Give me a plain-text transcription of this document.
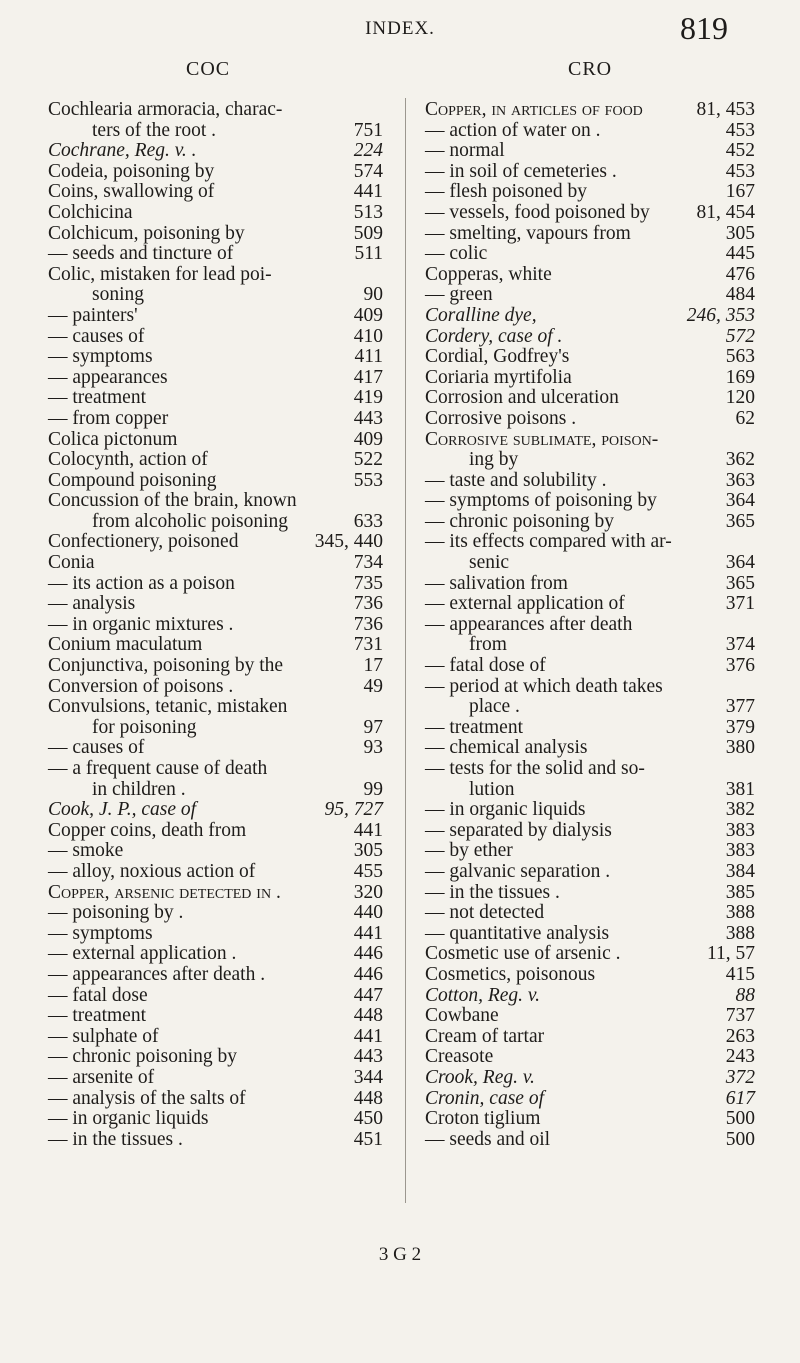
INDEX.	819
COC	CRO
Cochlearia armoracia, charac-
ters of the root .	751
Cochrane, Reg. v. .	224
Codeia, poisoning by	574
Coins, swallowing of	441
Colchicina	513
Colchicum, poisoning by	509
— seeds and tincture of	511
Colic, mistaken for lead poi-
soning	90
— painters'	409
— causes of	410
— symptoms	411
— appearances	417
— treatment	419
— from copper	443
Colica pictonum	409
Colocynth, action of	522
Compound poisoning	553
Concussion of the brain, known
from alcoholic poisoning	633
Confectionery, poisoned	345, 440
Conia	734
— its action as a poison	735
— analysis	736
— in organic mixtures .	736
Conium maculatum	731
Conjunctiva, poisoning by the	17
Conversion of poisons .	49
Convulsions, tetanic, mistaken
for poisoning	97
— causes of	93
— a frequent cause of death
in children .	99
Cook, J. P., case of	95, 727
Copper coins, death from	441
— smoke	305
— alloy, noxious action of	455
Copper, arsenic detected in .	320
— poisoning by .	440
— symptoms	441
— external application .	446
— appearances after death .	446
— fatal dose	447
— treatment	448
— sulphate of	441
— chronic poisoning by	443
— arsenite of	344
— analysis of the salts of	448
— in organic liquids	450
— in the tissues .	451
Copper, in articles of food	81, 453
— action of water on .	453
— normal	452
— in soil of cemeteries .	453
— flesh poisoned by	167
— vessels, food poisoned by 81, 454
— smelting, vapours from	305
— colic	445
Copperas, white	476
— green	484
Coralline dye,	246, 353
Cordery, case of .	572
Cordial, Godfrey's	563
Coriaria myrtifolia	169
Corrosion and ulceration	120
Corrosive poisons .	62
Corrosive sublimate, poison-
ing by	362
— taste and solubility .	363
— symptoms of poisoning by	364
— chronic poisoning by	365
— its effects compared with ar-
senic	364
— salivation from	365
— external application of	371
— appearances after death
from	374
— fatal dose of	376
— period at which death takes
place .	377
— treatment	379
— chemical analysis	380
— tests for the solid and so-
lution	381
— in organic liquids	382
— separated by dialysis	383
— by ether	383
— galvanic separation .	384
— in the tissues .	385
— not detected	388
— quantitative analysis	388
Cosmetic use of arsenic .	11, 57
Cosmetics, poisonous	415
Cotton, Reg. v.	88
Cowbane	737
Cream of tartar	263
Creasote	243
Crook, Reg. v.	372
Cronin, case of	617
Croton tiglium	500
— seeds and oil	500
3 G 2
